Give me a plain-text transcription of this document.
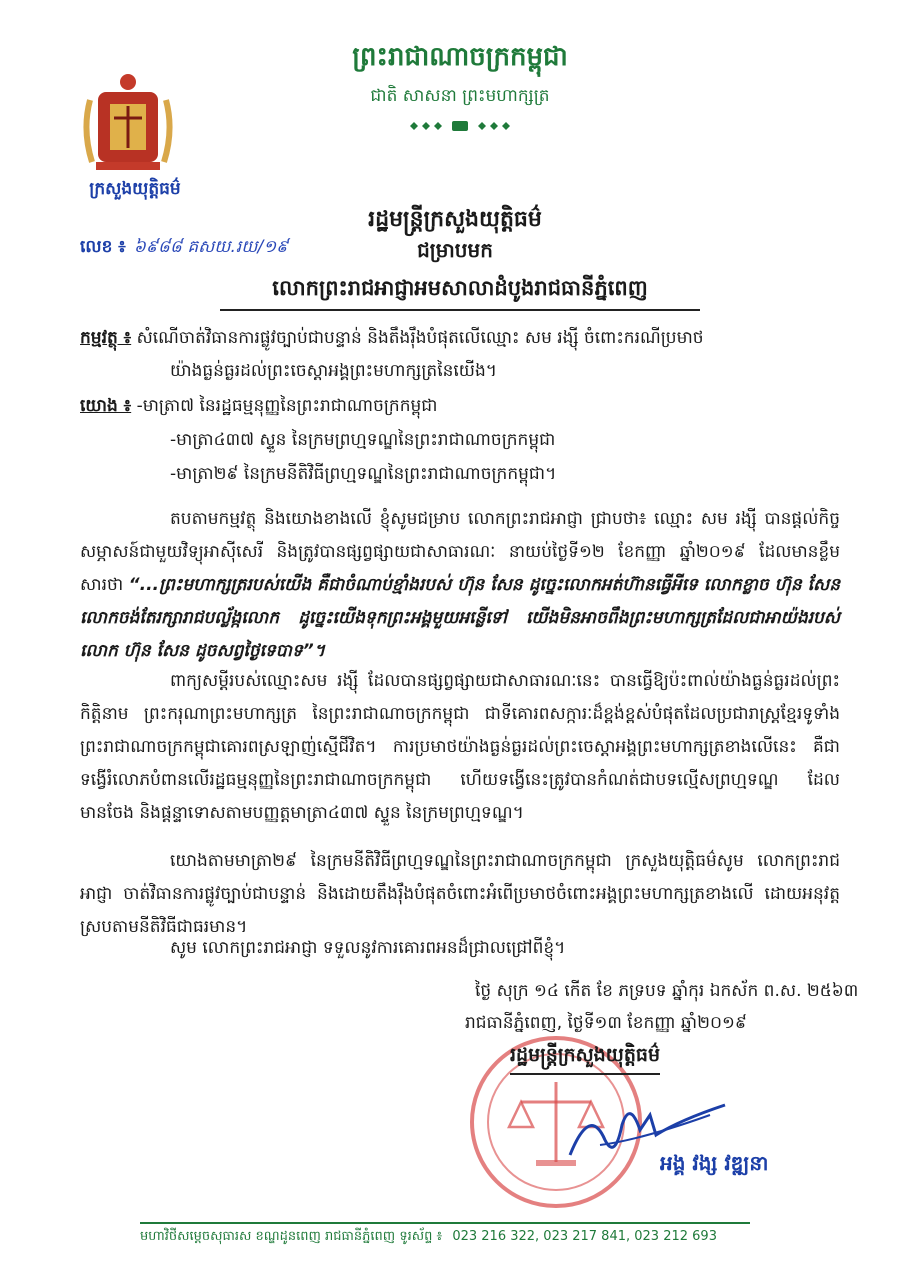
ក្រសួងយុត្តិធម៌
ព្រះរាជាណាចក្រកម្ពុជា
ជាតិ សាសនា ព្រះមហាក្សត្រ
លេខ ៖ ៦៩៨៨ គសយ.រយ/១៩
រដ្ឋមន្ត្រីក្រសួងយុត្តិធម៌
ជម្រាបមក
លោកព្រះរាជអាជ្ញាអមសាលាដំបូងរាជធានីភ្នំពេញ
កម្មវត្ថុ ៖ សំណើចាត់វិធានការផ្លូវច្បាប់ជាបន្ទាន់ និងតឹងរ៉ឹងបំផុតលើឈ្មោះ សម រង្ស៊ី ចំពោះករណីប្រមាថ
យ៉ាងធ្ងន់ធ្ងរដល់ព្រះចេស្តាអង្គព្រះមហាក្សត្រនៃយើង។
យោង ៖ -មាត្រា៧ នៃរដ្ឋធម្មនុញ្ញនៃព្រះរាជាណាចក្រកម្ពុជា
-មាត្រា៤៣៧ ស្ទួន នៃក្រមព្រហ្មទណ្ឌនៃព្រះរាជាណាចក្រកម្ពុជា
-មាត្រា២៩ នៃក្រមនីតិវិធីព្រហ្មទណ្ឌនៃព្រះរាជាណាចក្រកម្ពុជា។
តបតាមកម្មវត្ថុ និងយោងខាងលើ ខ្ញុំសូមជម្រាប លោកព្រះរាជអាជ្ញា ជ្រាបថា៖ ឈ្មោះ សម រង្ស៊ី បានផ្តល់កិច្ចសម្ភាសន៍ជាមួយវិទ្យុអាស៊ីសេរី និងត្រូវបានផ្សព្វផ្សាយជាសាធារណៈ នាយប់ថ្ងៃទី១២ ខែកញ្ញា ឆ្នាំ២០១៩ ដែលមានខ្លឹមសារថា “...ព្រះមហាក្សត្ររបស់យើង គឺជាចំណាប់ខ្មាំងរបស់ ហ៊ុន សែន ដូច្នេះលោកអត់ហ៊ានធ្វើអីទេ លោកខ្លាច ហ៊ុន សែន លោកចង់តែរក្សារាជបល្ល័ង្កលោក ដូច្នេះយើងទុកព្រះអង្គមួយអន្លើទៅ យើងមិនអាចពឹងព្រះមហាក្សត្រដែលជាអាយ៉ងរបស់លោក ហ៊ុន សែន ដូចសព្វថ្ងៃទេបាទ”។
ពាក្យសម្តីរបស់ឈ្មោះសម រង្ស៊ី ដែលបានផ្សព្វផ្សាយជាសាធារណៈនេះ បានធ្វើឱ្យប៉ះពាល់យ៉ាងធ្ងន់ធ្ងរដល់ព្រះកិត្តិនាម ព្រះករុណាព្រះមហាក្សត្រ នៃព្រះរាជាណាចក្រកម្ពុជា ជាទីគោរពសក្ការៈដ៏ខ្ពង់ខ្ពស់បំផុតដែលប្រជារាស្ត្រខ្មែរទូទាំងព្រះរាជាណាចក្រកម្ពុជាគោរពស្រឡាញ់ស្មើជីវិត។ ការប្រមាថយ៉ាងធ្ងន់ធ្ងរដល់ព្រះចេស្តាអង្គព្រះមហាក្សត្រខាងលើនេះ គឺជាទង្វើរំលោភបំពានលើរដ្ឋធម្មនុញ្ញនៃព្រះរាជាណាចក្រកម្ពុជា ហើយទង្វើនេះត្រូវបានកំណត់ជាបទល្មើសព្រហ្មទណ្ឌ ដែលមានចែង និងផ្តន្ទាទោសតាមបញ្ញត្តមាត្រា៤៣៧ ស្ទួន នៃក្រមព្រហ្មទណ្ឌ។
យោងតាមមាត្រា២៩ នៃក្រមនីតិវិធីព្រហ្មទណ្ឌនៃព្រះរាជាណាចក្រកម្ពុជា ក្រសួងយុត្តិធម៌សូម លោកព្រះរាជអាជ្ញា ចាត់វិធានការផ្លូវច្បាប់ជាបន្ទាន់ និងដោយតឹងរ៉ឹងបំផុតចំពោះអំពើប្រមាថចំពោះអង្គព្រះមហាក្សត្រខាងលើ ដោយអនុវត្តស្របតាមនីតិវិធីជាធរមាន។
សូម លោកព្រះរាជអាជ្ញា ទទួលនូវការគោរពអនដ៏ជ្រាលជ្រៅពីខ្ញុំ។
ថ្ងៃ សុក្រ ១៤ កើត ខែ ភទ្របទ ឆ្នាំកុរ ឯកស័ក ព.ស. ២៥៦៣
រាជធានីភ្នំពេញ, ថ្ងៃទី១៣ ខែកញ្ញា ឆ្នាំ២០១៩
រដ្ឋមន្ត្រីក្រសួងយុត្តិធម៌
អង្គ វង្ស វឌ្ឍនា
មហាវិថីសម្ដេចសុធារស ខណ្ឌដូនពេញ រាជធានីភ្នំពេញ ទូរស័ព្ទ ៖ 023 216 322, 023 217 841, 023 212 693
